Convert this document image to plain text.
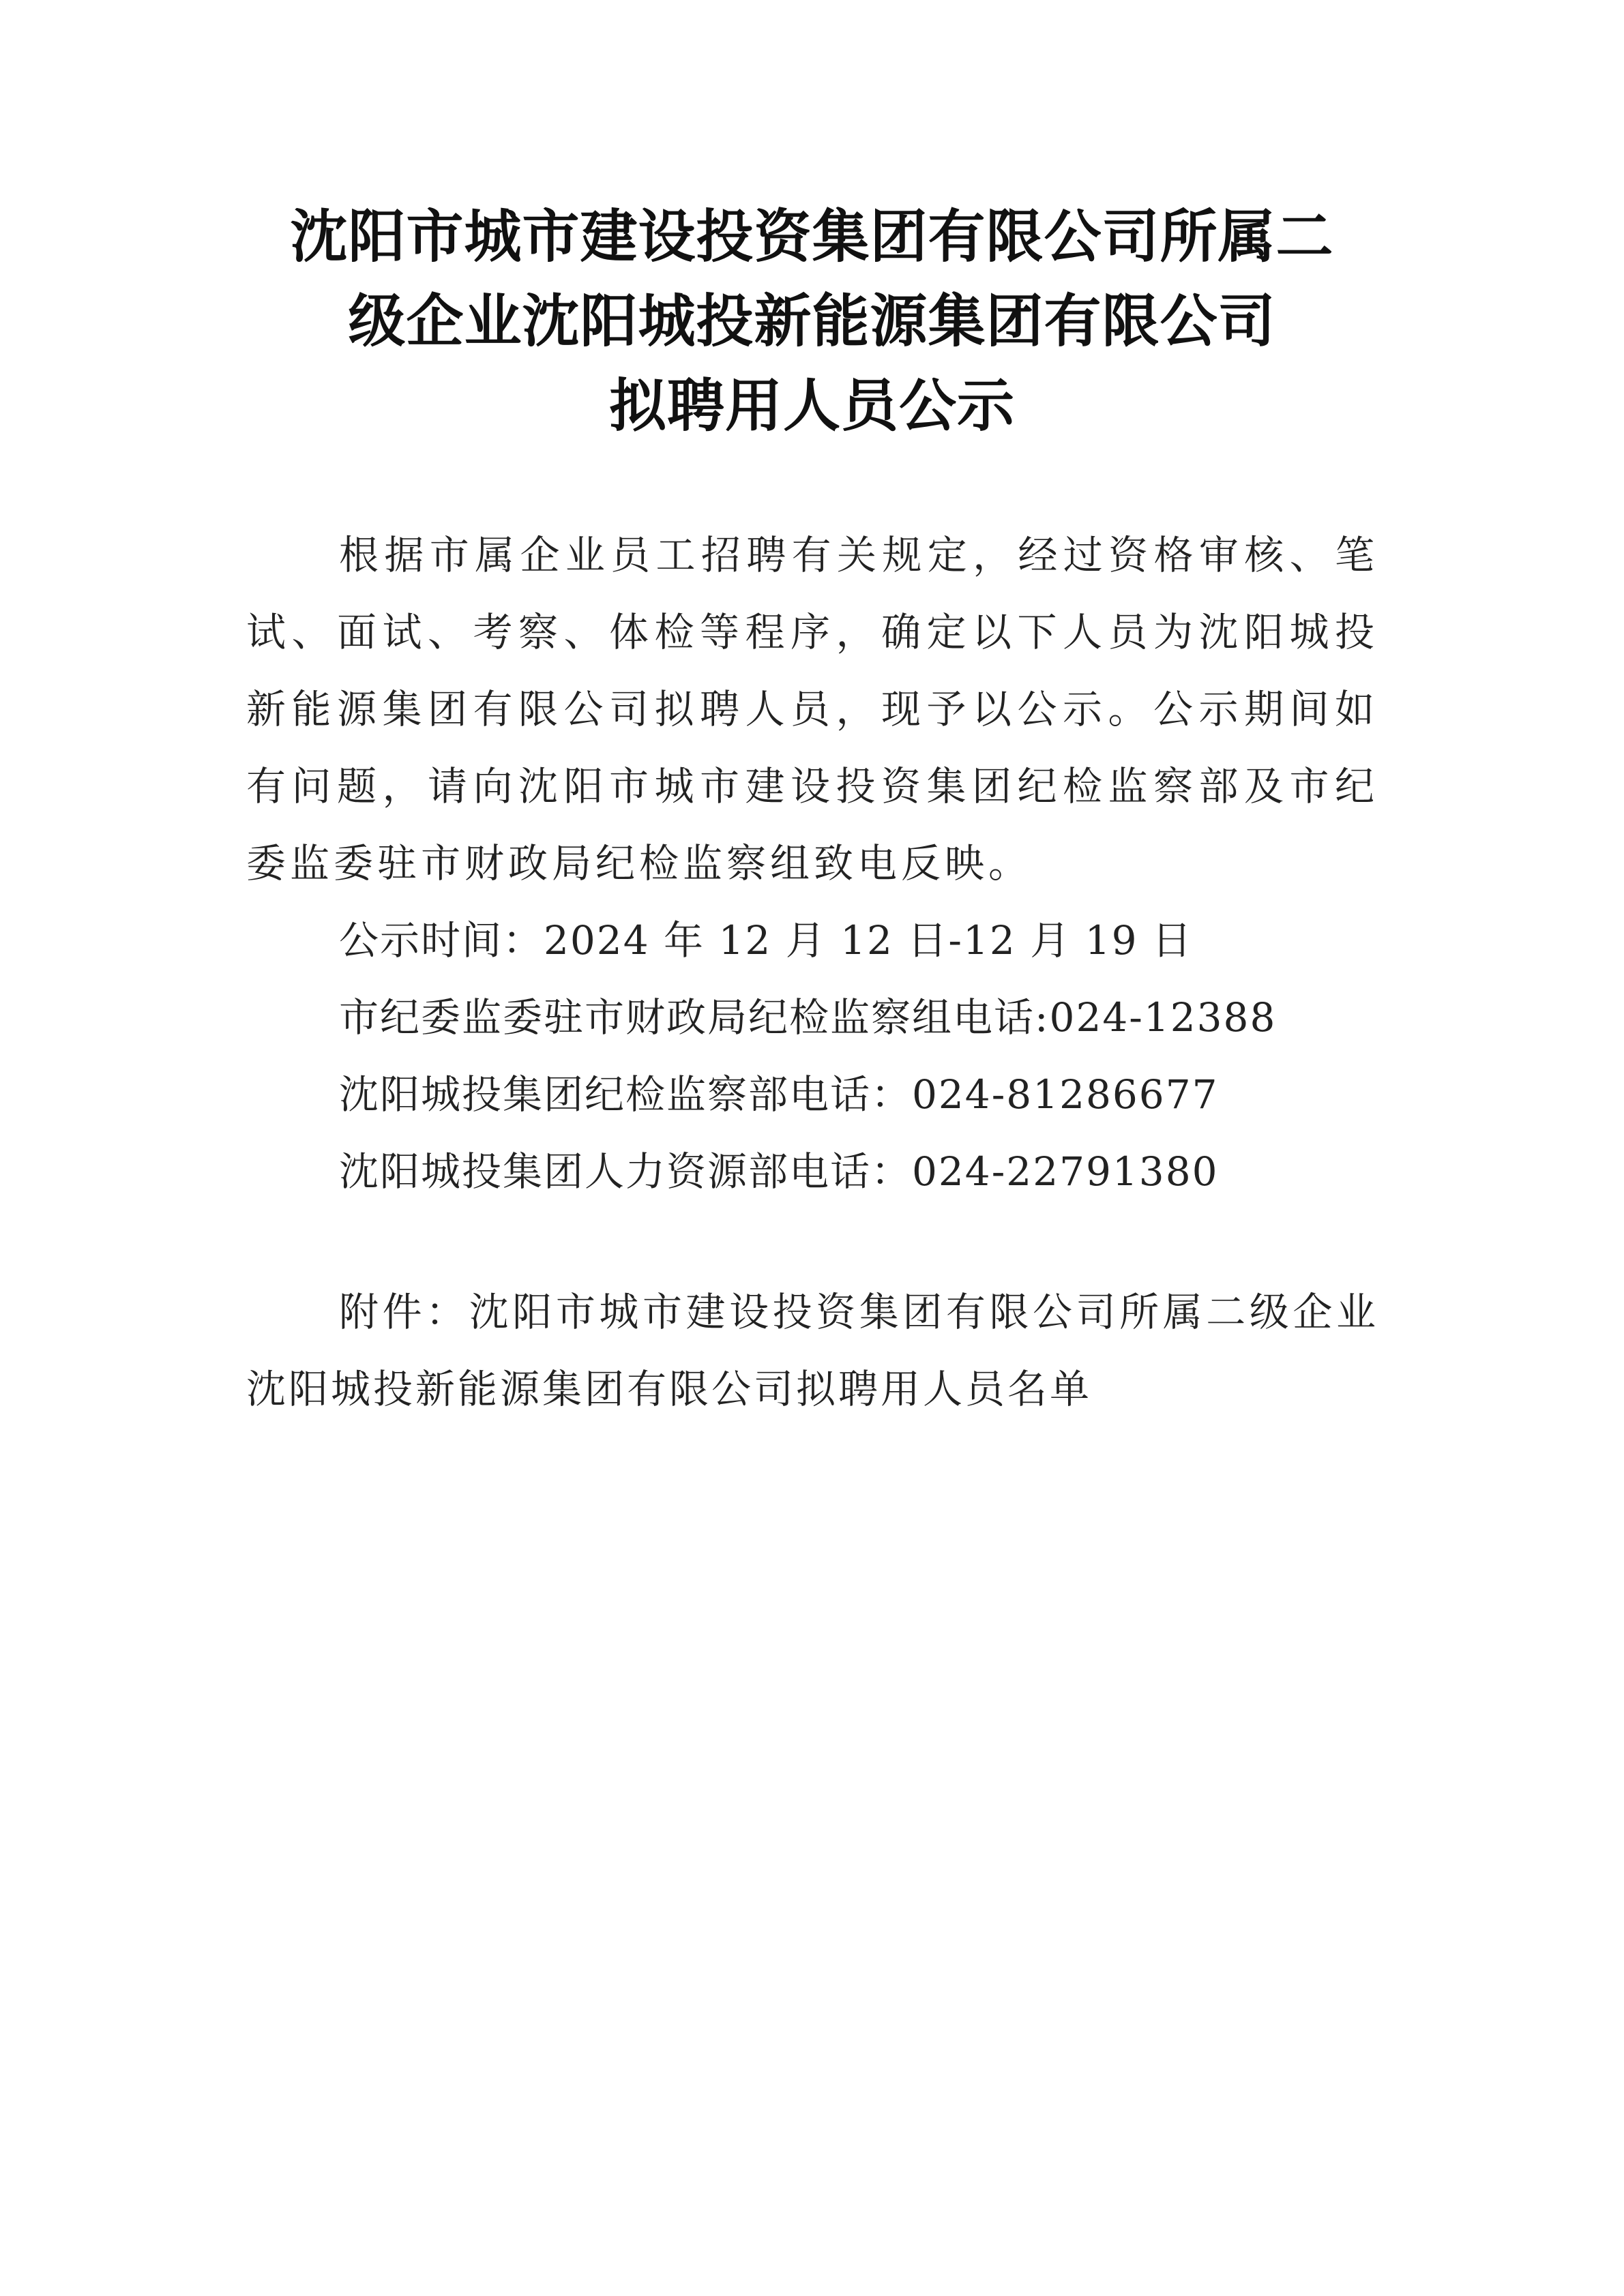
沈阳市城市建设投资集团有限公司所属二
级企业沈阳城投新能源集团有限公司
拟聘用人员公示

根据市属企业员工招聘有关规定，经过资格审核、笔试、面试、考察、体检等程序，确定以下人员为沈阳城投新能源集团有限公司拟聘人员，现予以公示。公示期间如有问题，请向沈阳市城市建设投资集团纪检监察部及市纪委监委驻市财政局纪检监察组致电反映。

公示时间：2024 年 12 月 12 日-12 月 19 日

市纪委监委驻市财政局纪检监察组电话:024-12388

沈阳城投集团纪检监察部电话：024-81286677

沈阳城投集团人力资源部电话：024-22791380

附件：沈阳市城市建设投资集团有限公司所属二级企业沈阳城投新能源集团有限公司拟聘用人员名单
